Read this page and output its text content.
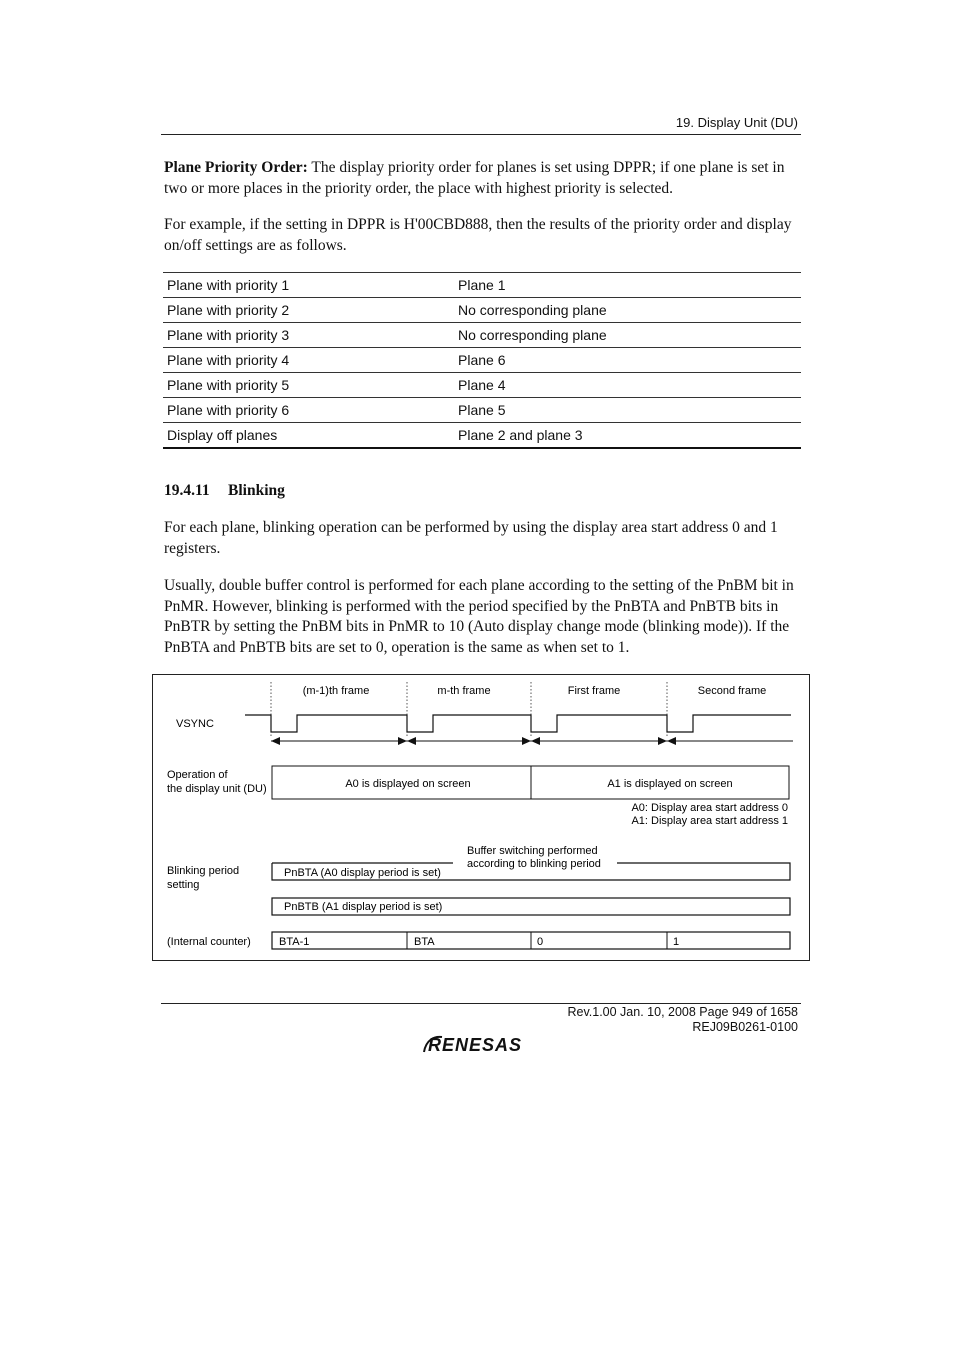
19. Display Unit (DU)
Plane Priority Order: The display priority order for planes is set using DPPR; if one plane is set in two or more places in the priority order, the place with highest priority is selected.
For example, if the setting in DPPR is H'00CBD888, then the results of the priority order and display on/off settings are as follows.
Plane with priority 1	Plane 1
Plane with priority 2	No corresponding plane
Plane with priority 3	No corresponding plane
Plane with priority 4	Plane 6
Plane with priority 5	Plane 4
Plane with priority 6	Plane 5
Display off planes	Plane 2 and plane 3
19.4.11 Blinking
For each plane, blinking operation can be performed by using the display area start address 0 and 1 registers.
Usually, double buffer control is performed for each plane according to the setting of the PnBM bit in PnMR. However, blinking is performed with the period specified by the PnBTA and PnBTB bits in PnBTR by setting the PnBM bits in PnMR to 10 (Auto display change mode (blinking mode)). If the PnBTA and PnBTB bits are set to 0, operation is the same as when set to 1.
(m-1)th frame	m-th frame	First frame	Second frame
VSYNC
Operation of
the display unit (DU)	A0 is displayed on screen	A1 is displayed on screen
A0: Display area start address 0
A1: Display area start address 1
Buffer switching performed
according to blinking period
Blinking period
setting
PnBTA (A0 display period is set)
PnBTB (A1 display period is set)
(Internal counter)	BTA-1	BTA	0	1
Rev.1.00 Jan. 10, 2008 Page 949 of 1658
REJ09B0261-0100
RENESAS
